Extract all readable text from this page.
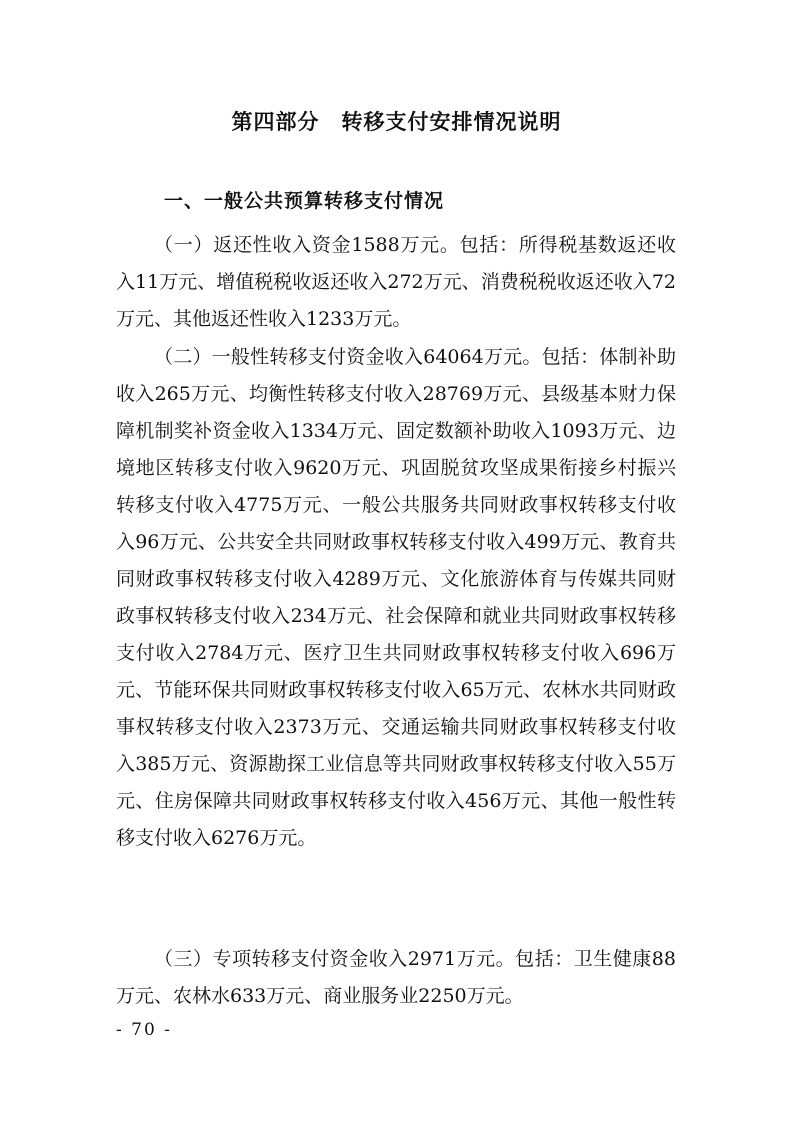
第四部分 转移支付安排情况说明
一、一般公共预算转移支付情况

（一）返还性收入资金1588万元。包括：所得税基数返还收入11万元、增值税税收返还收入272万元、消费税税收返还收入72万元、其他返还性收入1233万元。

（二）一般性转移支付资金收入64064万元。包括：体制补助收入265万元、均衡性转移支付收入28769万元、县级基本财力保障机制奖补资金收入1334万元、固定数额补助收入1093万元、边境地区转移支付收入9620万元、巩固脱贫攻坚成果衔接乡村振兴转移支付收入4775万元、一般公共服务共同财政事权转移支付收入96万元、公共安全共同财政事权转移支付收入499万元、教育共同财政事权转移支付收入4289万元、文化旅游体育与传媒共同财政事权转移支付收入234万元、社会保障和就业共同财政事权转移支付收入2784万元、医疗卫生共同财政事权转移支付收入696万元、节能环保共同财政事权转移支付收入65万元、农林水共同财政事权转移支付收入2373万元、交通运输共同财政事权转移支付收入385万元、资源勘探工业信息等共同财政事权转移支付收入55万元、住房保障共同财政事权转移支付收入456万元、其他一般性转移支付收入6276万元。

（三）专项转移支付资金收入2971万元。包括：卫生健康88万元、农林水633万元、商业服务业2250万元。

- 70 -
